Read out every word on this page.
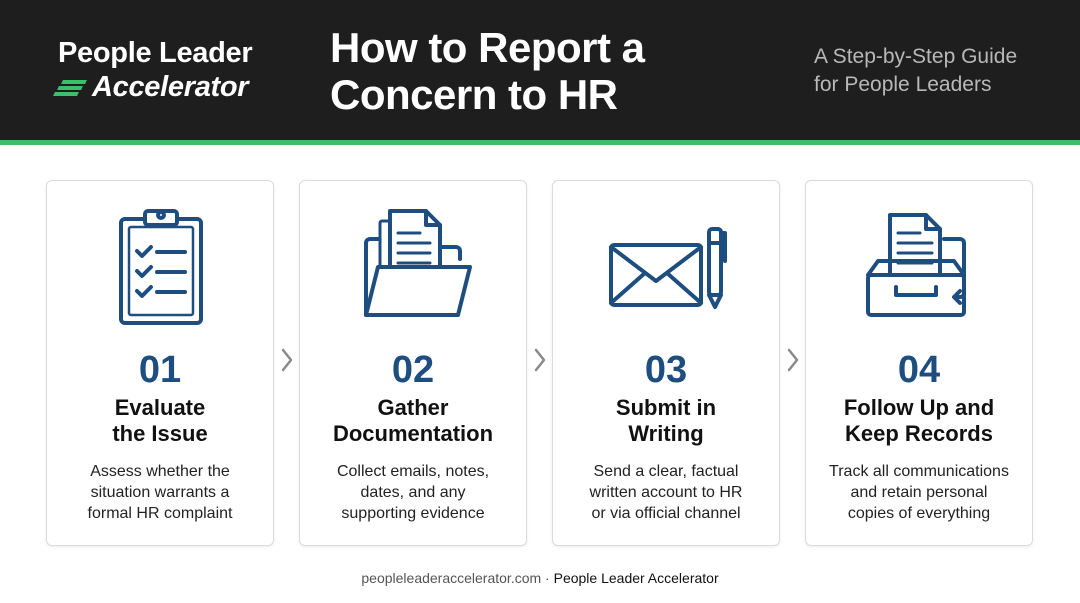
People Leader
Accelerator
How to Report a
Concern to HR
A Step-by-Step Guide
for People Leaders
Evaluate
the Issue
Assess whether the
situation warrants a
formal HR complaint
Gather
Documentation
Collect emails, notes,
dates, and any
supporting evidence
Submit in
Writing
Send a clear, factual
written account to HR
or via official channel
Follow Up and
Keep Records
Track all communications
and retain personal
copies of everything
01	02	03	04
peopleleaderaccelerator.com · People Leader Accelerator
